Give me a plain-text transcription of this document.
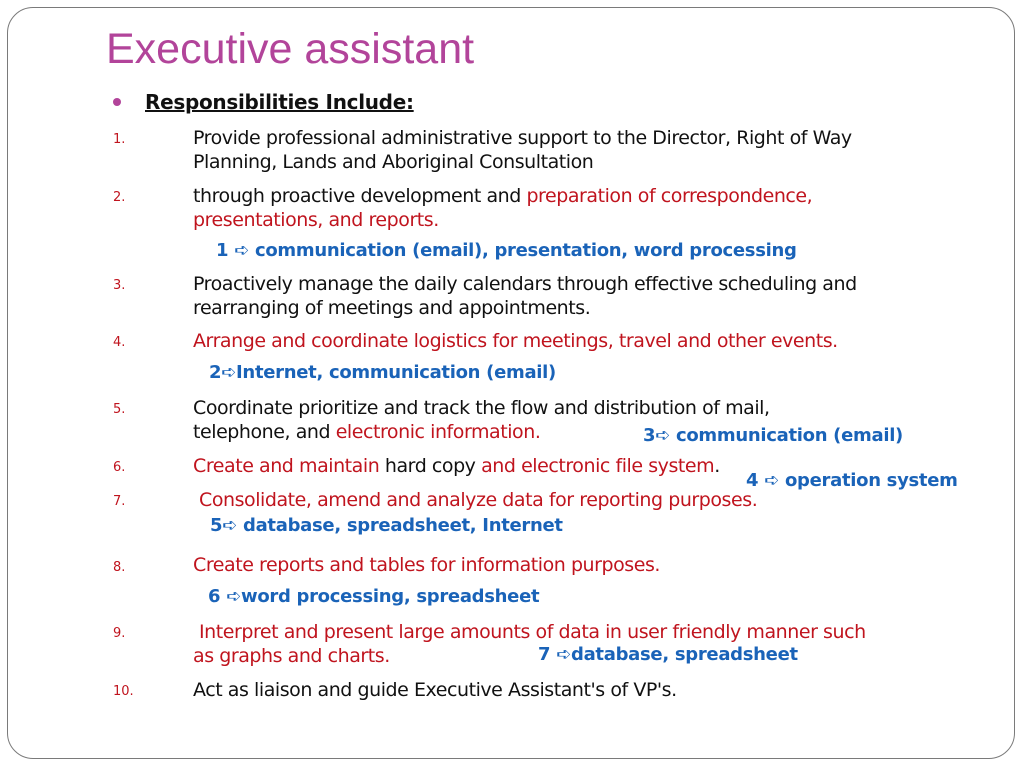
Executive assistant
Responsibilities Include:
1.	Provide professional administrative support to the Director, Right of Way
Planning, Lands and Aboriginal Consultation
2.	through proactive development and preparation of correspondence,
presentations, and reports.
1 ➪ communication (email), presentation, word processing
3.	Proactively manage the daily calendars through effective scheduling and
rearranging of meetings and appointments.
4.	Arrange and coordinate logistics for meetings, travel and other events.
2➪Internet, communication (email)
5.	Coordinate prioritize and track the flow and distribution of mail,
telephone, and electronic information.	3➪ communication (email)
6.	Create and maintain hard copy and electronic file system.
4 ➪ operation system
7.	Consolidate, amend and analyze data for reporting purposes.
5➪ database, spreadsheet, Internet
8.	Create reports and tables for information purposes.
6 ➪word processing, spreadsheet
9.	Interpret and present large amounts of data in user friendly manner such
as graphs and charts.	7 ➪database, spreadsheet
10.	Act as liaison and guide Executive Assistant's of VP's.
